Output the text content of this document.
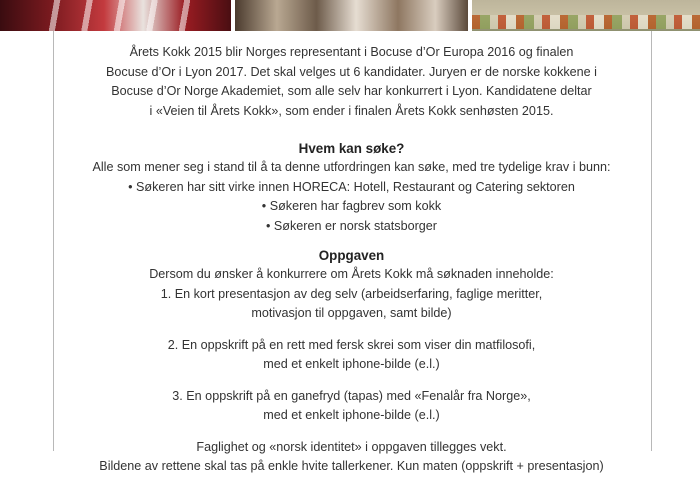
Årets Kokk 2015 blir Norges representant i Bocuse d’Or Europa 2016 og finalen

Bocuse d’Or i Lyon 2017. Det skal velges ut 6 kandidater. Juryen er de norske kokkene i

Bocuse d’Or Norge Akademiet, som alle selv har konkurrert i Lyon. Kandidatene deltar

i «Veien til Årets Kokk», som ender i finalen Årets Kokk senhøsten 2015.

Hvem kan søke?

Alle som mener seg i stand til å ta denne utfordringen kan søke, med tre tydelige krav i bunn:

• Søkeren har sitt virke innen HORECA: Hotell, Restaurant og Catering sektoren

• Søkeren har fagbrev som kokk

• Søkeren er norsk statsborger

Oppgaven

Dersom du ønsker å konkurrere om Årets Kokk må søknaden inneholde:

1. En kort presentasjon av deg selv (arbeidserfaring, faglige meritter,

motivasjon til oppgaven, samt bilde)

2. En oppskrift på en rett med fersk skrei som viser din matfilosofi,

med et enkelt iphone-bilde (e.l.)

3. En oppskrift på en ganefryd (tapas) med «Fenalår fra Norge»,

med et enkelt iphone-bilde (e.l.)

Faglighet og «norsk identitet» i oppgaven tillegges vekt.

Bildene av rettene skal tas på enkle hvite tallerkener. Kun maten (oppskrift + presentasjon)
